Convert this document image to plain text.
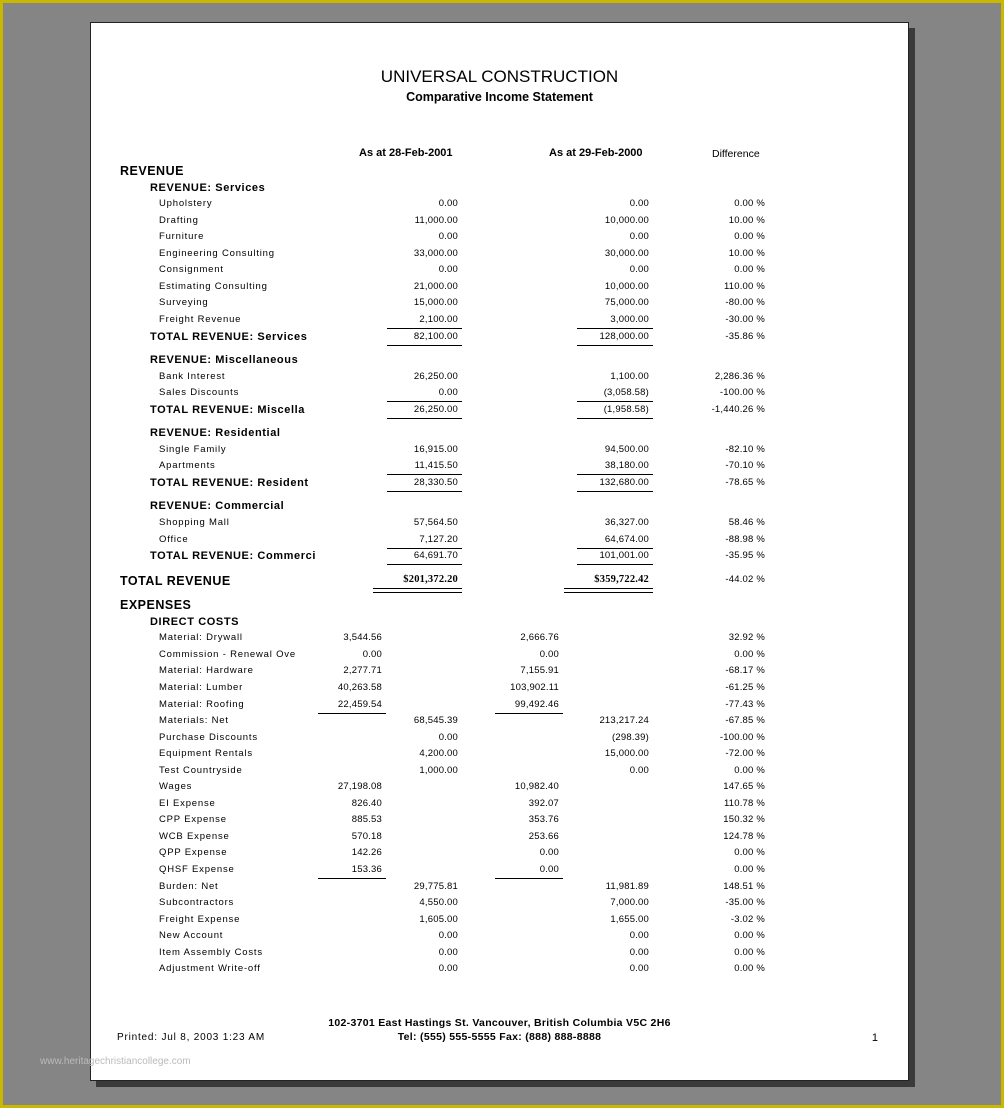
UNIVERSAL CONSTRUCTION
Comparative Income Statement
As at 28-Feb-2001	As at 29-Feb-2000	Difference
REVENUE
REVENUE: Services
Upholstery	0.00	0.00	0.00 %
Drafting	11,000.00	10,000.00	10.00 %
Furniture	0.00	0.00	0.00 %
Engineering Consulting	33,000.00	30,000.00	10.00 %
Consignment	0.00	0.00	0.00 %
Estimating Consulting	21,000.00	10,000.00	110.00 %
Surveying	15,000.00	75,000.00	-80.00 %
Freight Revenue	2,100.00	3,000.00	-30.00 %
TOTAL REVENUE: Services	82,100.00	128,000.00	-35.86 %
REVENUE: Miscellaneous
Bank Interest	26,250.00	1,100.00	2,286.36 %
Sales Discounts	0.00	(3,058.58)	-100.00 %
TOTAL REVENUE: Miscella	26,250.00	(1,958.58)	-1,440.26 %
REVENUE: Residential
Single Family	16,915.00	94,500.00	-82.10 %
Apartments	11,415.50	38,180.00	-70.10 %
TOTAL REVENUE: Resident	28,330.50	132,680.00	-78.65 %
REVENUE: Commercial
Shopping Mall	57,564.50	36,327.00	58.46 %
Office	7,127.20	64,674.00	-88.98 %
TOTAL REVENUE: Commerci	64,691.70	101,001.00	-35.95 %
TOTAL REVENUE	$201,372.20	$359,722.42	-44.02 %
EXPENSES
DIRECT COSTS
Material: Drywall	3,544.56	2,666.76	32.92 %
Commission - Renewal Ove	0.00	0.00	0.00 %
Material: Hardware	2,277.71	7,155.91	-68.17 %
Material: Lumber	40,263.58	103,902.11	-61.25 %
Material: Roofing	22,459.54	99,492.46	-77.43 %
Materials: Net	68,545.39	213,217.24	-67.85 %
Purchase Discounts	0.00	(298.39)	-100.00 %
Equipment Rentals	4,200.00	15,000.00	-72.00 %
Test Countryside	1,000.00	0.00	0.00 %
Wages	27,198.08	10,982.40	147.65 %
EI Expense	826.40	392.07	110.78 %
CPP Expense	885.53	353.76	150.32 %
WCB Expense	570.18	253.66	124.78 %
QPP Expense	142.26	0.00	0.00 %
QHSF Expense	153.36	0.00	0.00 %
Burden: Net	29,775.81	11,981.89	148.51 %
Subcontractors	4,550.00	7,000.00	-35.00 %
Freight Expense	1,605.00	1,655.00	-3.02 %
New Account	0.00	0.00	0.00 %
Item Assembly Costs	0.00	0.00	0.00 %
Adjustment Write-off	0.00	0.00	0.00 %
102-3701 East Hastings St. Vancouver, British Columbia V5C 2H6
Tel: (555) 555-5555 Fax: (888) 888-8888
Printed: Jul 8, 2003 1:23 AM	1
www.heritagechristiancollege.com
